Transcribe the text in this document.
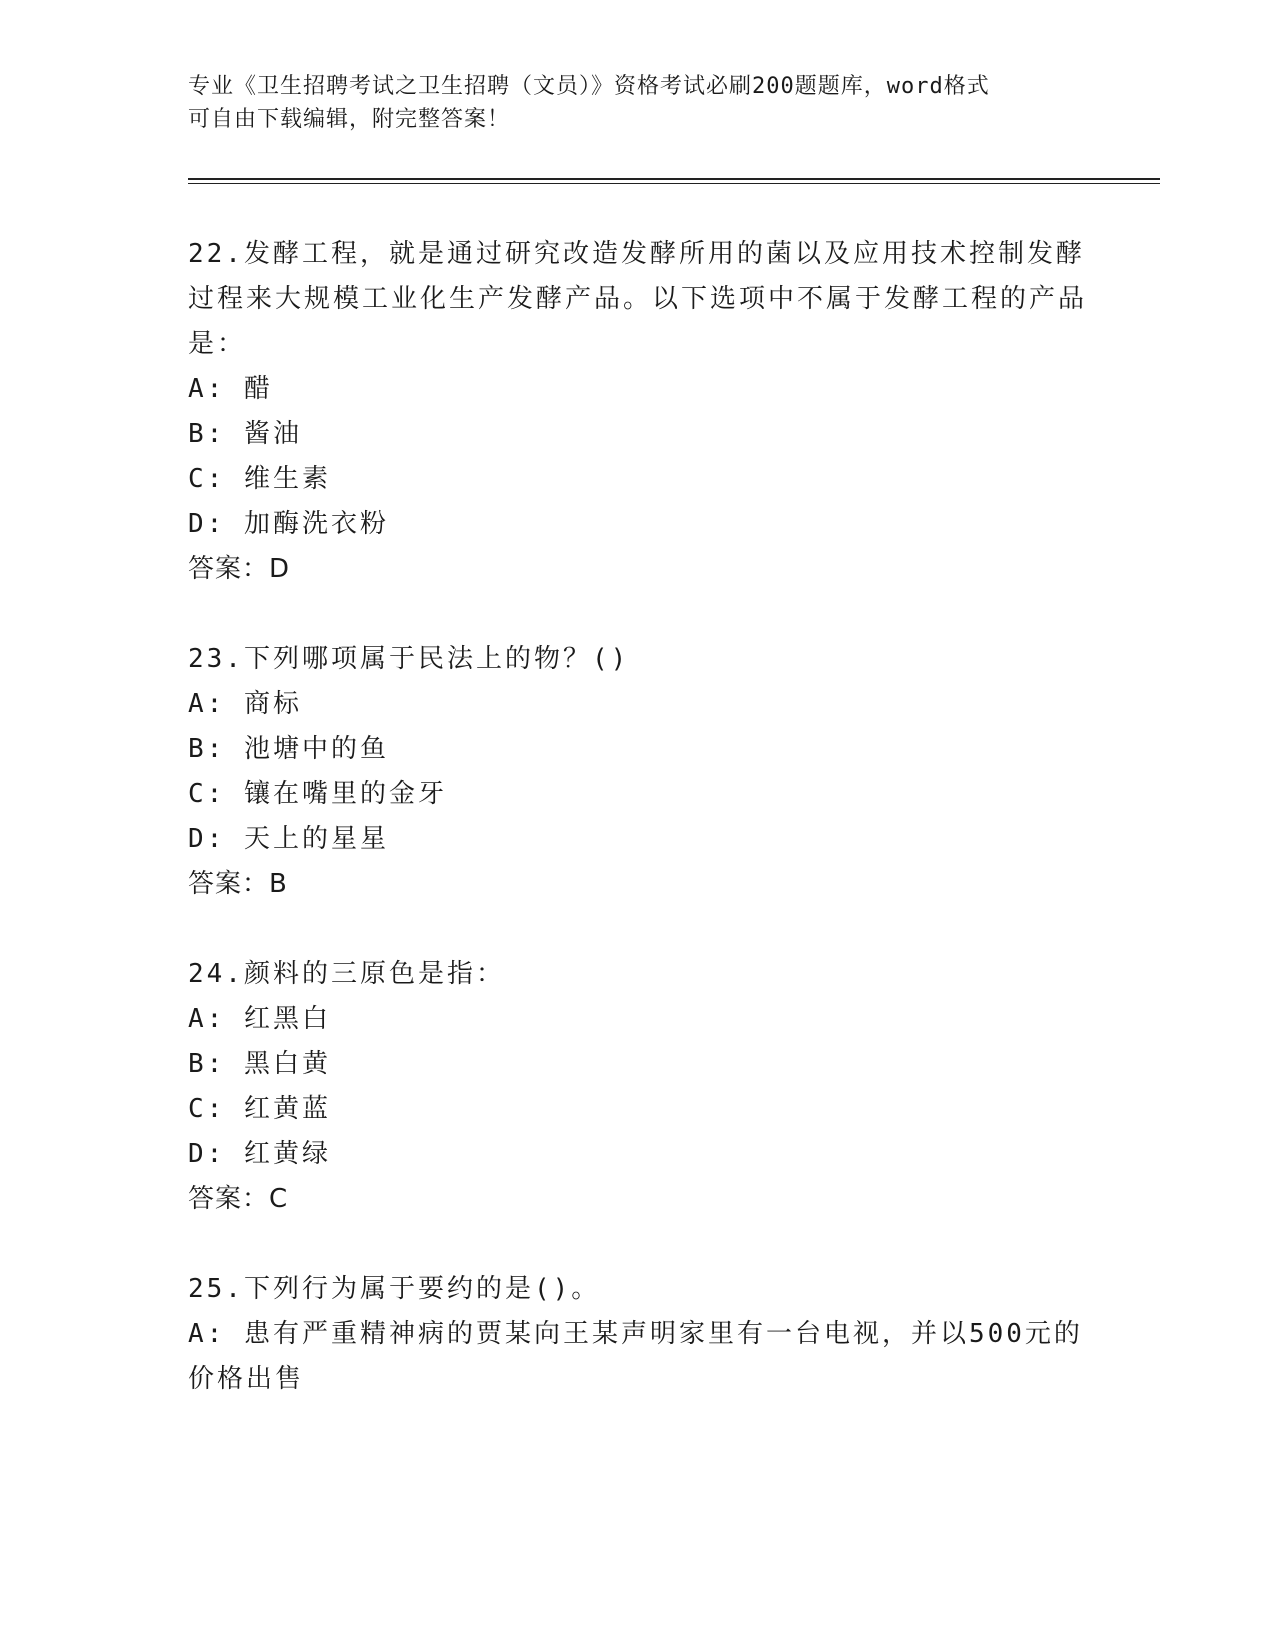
专业《卫生招聘考试之卫生招聘（文员）》资格考试必刷200题题库，word格式
可自由下载编辑，附完整答案！
22.发酵工程，就是通过研究改造发酵所用的菌以及应用技术控制发酵过程来大规模工业化生产发酵产品。以下选项中不属于发酵工程的产品是：
A: 醋
B: 酱油
C: 维生素
D: 加酶洗衣粉
答案：D
23.下列哪项属于民法上的物？()
A: 商标
B: 池塘中的鱼
C: 镶在嘴里的金牙
D: 天上的星星
答案：B
24.颜料的三原色是指：
A: 红黑白
B: 黑白黄
C: 红黄蓝
D: 红黄绿
答案：C
25.下列行为属于要约的是()。
A: 患有严重精神病的贾某向王某声明家里有一台电视，并以500元的价格出售
